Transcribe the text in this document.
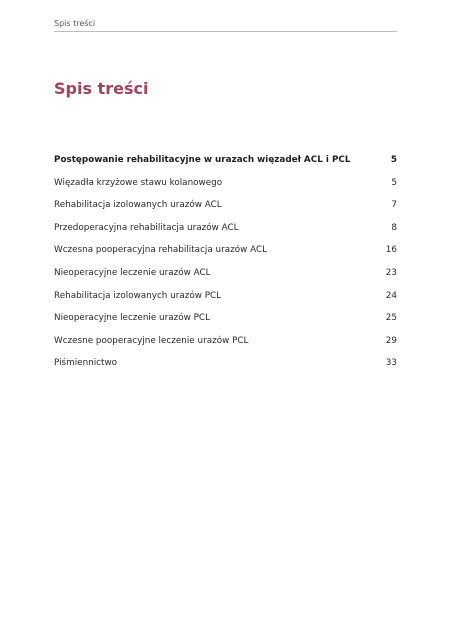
Spis treści
Spis treści
Postępowanie rehabilitacyjne w urazach więzadeł ACL i PCL	5
Więzadła krzyżowe stawu kolanowego	5
Rehabilitacja izolowanych urazów ACL	7
Przedoperacyjna rehabilitacja urazów ACL	8
Wczesna pooperacyjna rehabilitacja urazów ACL	16
Nieoperacyjne leczenie urazów ACL	23
Rehabilitacja izolowanych urazów PCL	24
Nieoperacyjne leczenie urazów PCL	25
Wczesne pooperacyjne leczenie urazów PCL	29
Piśmiennictwo	33
